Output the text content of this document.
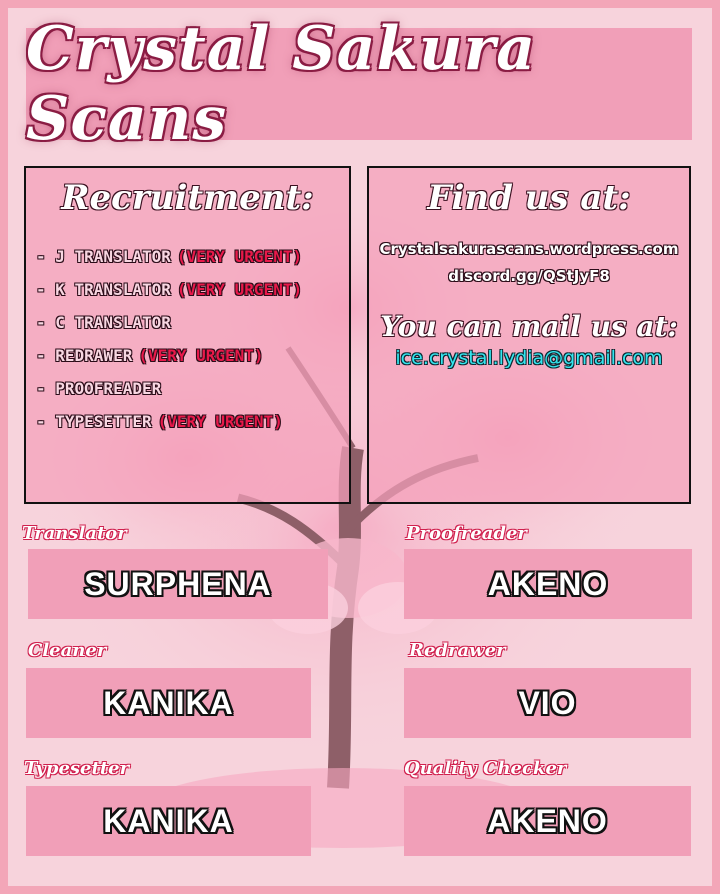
Crystal Sakura Scans
Recruitment:
- J TRANSLATOR (VERY URGENT)
- K TRANSLATOR (VERY URGENT)
- C TRANSLATOR
- REDRAWER (VERY URGENT)
- PROOFREADER
- TYPESETTER (VERY URGENT)
Find us at:
Crystalsakurascans.wordpress.com
discord.gg/QStJyF8
You can mail us at:
ice.crystal.lydia@gmail.com
Translator
SURPHENA
Proofreader
AKENO
Cleaner
KANIKA
Redrawer
VIO
Typesetter
KANIKA
Quality Checker
AKENO
